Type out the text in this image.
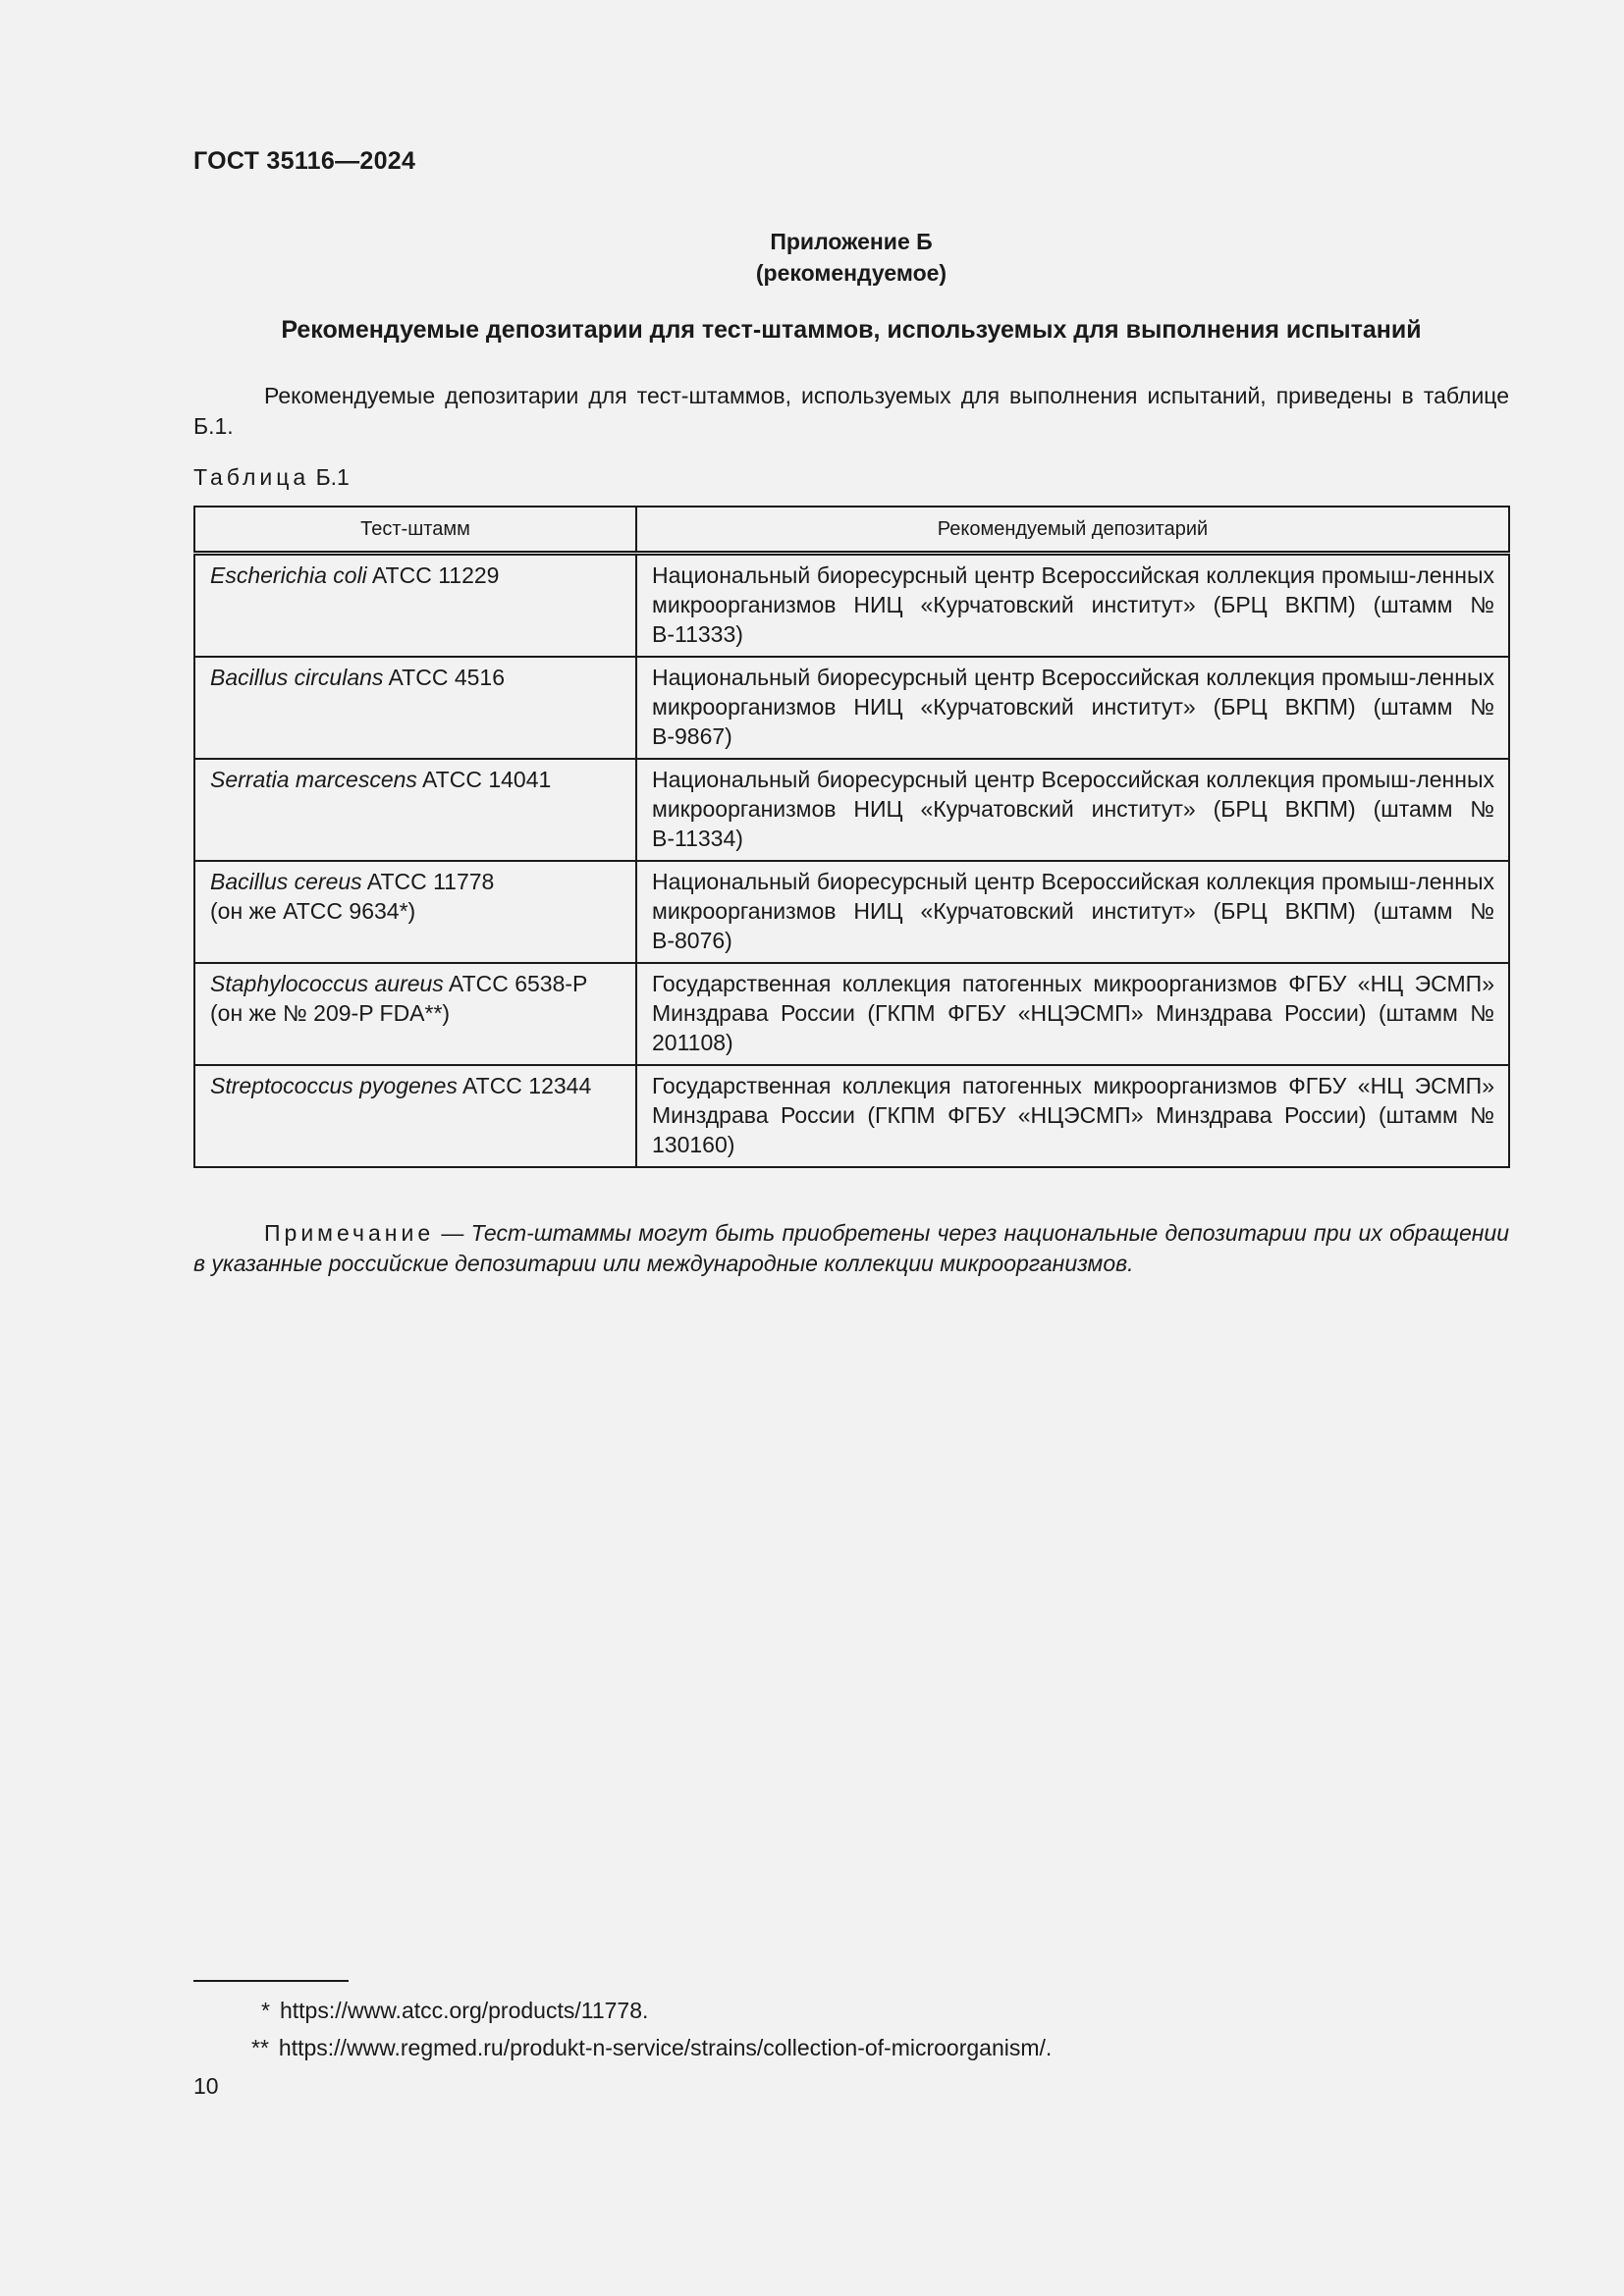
ГОСТ 35116—2024
Приложение Б
(рекомендуемое)
Рекомендуемые депозитарии для тест-штаммов, используемых для выполнения испытаний
Рекомендуемые депозитарии для тест-штаммов, используемых для выполнения испытаний, приведены в таблице Б.1.
Таблица Б.1
Тест-штамм	Рекомендуемый депозитарий
Escherichia coli ATCC 11229	Национальный биоресурсный центр Всероссийская коллекция промыш-ленных микроорганизмов НИЦ «Курчатовский институт» (БРЦ ВКПМ) (штамм № В-11333)
Bacillus circulans ATCC 4516	Национальный биоресурсный центр Всероссийская коллекция промыш-ленных микроорганизмов НИЦ «Курчатовский институт» (БРЦ ВКПМ) (штамм № В-9867)
Serratia marcescens ATCC 14041	Национальный биоресурсный центр Всероссийская коллекция промыш-ленных микроорганизмов НИЦ «Курчатовский институт» (БРЦ ВКПМ) (штамм № В-11334)
Bacillus cereus ATCC 11778
(он же ATCC 9634*)	Национальный биоресурсный центр Всероссийская коллекция промыш-ленных микроорганизмов НИЦ «Курчатовский институт» (БРЦ ВКПМ) (штамм № В-8076)
Staphylococcus aureus ATCC 6538-P
(он же № 209-P FDA**)	Государственная коллекция патогенных микроорганизмов ФГБУ «НЦ ЭСМП» Минздрава России (ГКПМ ФГБУ «НЦЭСМП» Минздрава России) (штамм № 201108)
Streptococcus pyogenes ATCC 12344	Государственная коллекция патогенных микроорганизмов ФГБУ «НЦ ЭСМП» Минздрава России (ГКПМ ФГБУ «НЦЭСМП» Минздрава России) (штамм № 130160)
Примечание — Тест-штаммы могут быть приобретены через национальные депозитарии при их обращении в указанные российские депозитарии или международные коллекции микроорганизмов.
* https://www.atcc.org/products/11778.
** https://www.regmed.ru/produkt-n-service/strains/collection-of-microorganism/.
10
